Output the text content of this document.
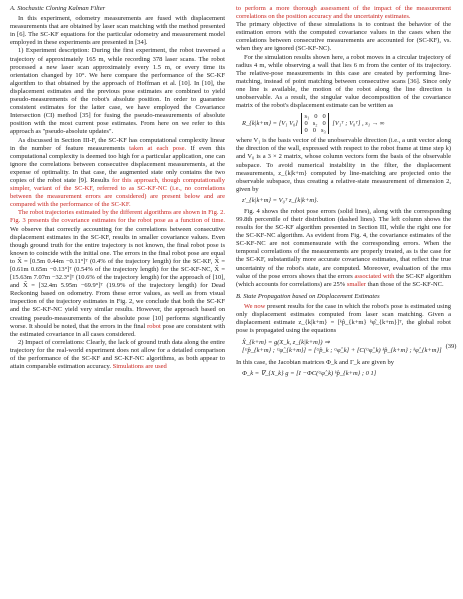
A. Stochastic Cloning Kalman Filter

In this experiment, odometry measurements are fused with displacement measurements that are obtained by laser scan matching with the method presented in [6]. The SC-KF equations for the particular odometry and measurement model employed in these experiments are presented in [34].

1) Experiment description: During the first experiment, the robot traversed a trajectory of approximately 165 m, while recording 378 laser scans. The robot processed a new laser scan approximately every 1.5 m, or every time its orientation changed by 10°. We here compare the performance of the SC-KF algorithm to that obtained by the approach of Hoffman et al. [10]. In [10], the displacement estimates and the previous pose estimates are combined to yield pseudo-measurements of the robot's absolute position. In order to guarantee consistent estimates for the latter case, we have employed the Covariance Intersection (CI) method [35] for fusing the pseudo-measurements of absolute position with the most current pose estimates. From here on we refer to this approach as "pseudo-absolute updates".

As discussed in Section III-F, the SC-KF has computational complexity linear in the number of feature measurements taken at each pose. If even this computational complexity is deemed too high for a particular application, one can ignore the correlations between consecutive displacement measurements, at the expense of optimality. In that case, the augmented state only contains the two copies of the robot state [9]. Results for this approach, though computationally simpler, variant of the SC-KF, referred to as SC-KF-NC (i.e., no correlations between the measurement errors are considered) are present below and are compared with the performance of the SC-KF.

The robot trajectories estimated by the different algorithms are shown in Fig. 2. Fig. 3 presents the covariance estimates for the robot pose as a function of time. We observe that correctly accounting for the correlations between consecutive displacement estimates in the SC-KF, results in smaller covariance values. Even though ground truth for the entire trajectory is not known, the final robot pose is known to coincide with the initial one. The errors in the final robot pose are equal to X̃ = [0.5m 0.44m −0.11°]ᵀ (0.4% of the trajectory length) for the SC-KF, X̃ = [0.61m 0.65m −0.13°]ᵀ (0.54% of the trajectory length) for the SC-KF-NC, X̃ = [15.63m 7.07m −32.3°]ᵀ (10.6% of the trajectory length) for the approach of [10], and X̃ = [32.4m 5.95m −69.9°]ᵀ (19.9% of the trajectory length) for Dead Reckoning based on odometry. From these error values, as well as from visual inspection of the trajectory estimates in Fig. 2, we conclude that both the SC-KF and the SC-KF-NC yield very similar results. However, the approach based on creating pseudo-measurements of the absolute pose [10] performs significantly worse. It should be noted, that the errors in the final robot pose are consistent with the estimated covariance in all cases considered.

2) Impact of correlations: Clearly, the lack of ground truth data along the entire trajectory for the real-world experiment does not allow for a detailed comparison of the performance of the SC-KF and SC-KF-NC algorithms, as both appear to attain comparable estimation accuracy. Simulations are used

to perform a more thorough assessment of the impact of the measurement correlations on the position accuracy and the uncertainty estimates.

The primary objective of these simulations is to contrast the behavior of the estimation errors with the computed covariance values in the cases when the correlations between consecutive measurements are accounted for (SC-KF), vs. when they are ignored (SC-KF-NC).

For the simulation results shown here, a robot moves in a circular trajectory of radius 4 m, while observing a wall that lies 6 m from the center of its trajectory. The relative-pose measurements in this case are created by performing line-matching, instead of point matching between consecutive scans [36]. Since only one line is available, the motion of the robot along the line direction is unobservable. As a result, the singular value decomposition of the covariance matrix of the robot's displacement estimate can be written as

R_{k|k+m} = [V₁ V₀]
s₁ 0 0
0 s₂ 0
0 0 s₃
[V₁ᵀ ; V₀ᵀ] , s₁ → ∞

where V₁ is the basis vector of the unobservable direction (i.e., a unit vector along the direction of the wall, expressed with respect to the robot frame at time step k) and V₀ is a 3 × 2 matrix, whose column vectors form the basis of the observable subspace. To avoid numerical instability in the filter, the displacement measurements, z_{k|k+m} computed by line-matching are projected onto the observable subspace, thus creating a relative-state measurement of dimension 2, given by

z'_{k|k+m} = V₀ᵀ z_{k|k+m}.

Fig. 4 shows the robot pose errors (solid lines), along with the corresponding 99.8th percentile of their distribution (dashed lines). The left column shows the results for the SC-KF algorithm presented in Section III, while the right one for the SC-KF-NC algorithm. As evident from Fig. 4, the covariance estimates of the SC-KF-NC are not commensurate with the corresponding errors. When the temporal correlations of the measurements are properly treated, as is the case for the SC-KF, substantially more accurate covariance estimates, that reflect the true uncertainty of the robot's state, are computed. Moreover, evaluation of the rms value of the pose errors shows that the errors associated with the SC-KF algorithm (which accounts for correlations) are 25% smaller than those of the SC-KF-NC.

B. State Propagation based on Displacement Estimates

We now present results for the case in which the robot's pose is estimated using only displacement estimates computed from laser scan matching. Given a displacement estimate z_{k|k+m} = [ᵏp̂_{k+m} ᵏφ̂_{k+m}]ᵀ, the global robot pose is propagated using the equations

X̂_{k+m} = g(X_k, z_{k|k+m}) ⇒
[ᴳp̂_{k+m} ; ᴳφ̂_{k+m}] = [ᴳp̂_k ; ᴳφ̂_k] + [C(ᴳφ̂_k) ᵏp̂_{k+m} ; ᵏφ̂_{k+m}]
(39)

In this case, the Jacobian matrices Φ_k and Γ_k are given by

Φ_k = ∇_{X_k} g = [I −ΦC(ᴳφ̂_k) ᵏp̂_{k+m} ; 0 1]
